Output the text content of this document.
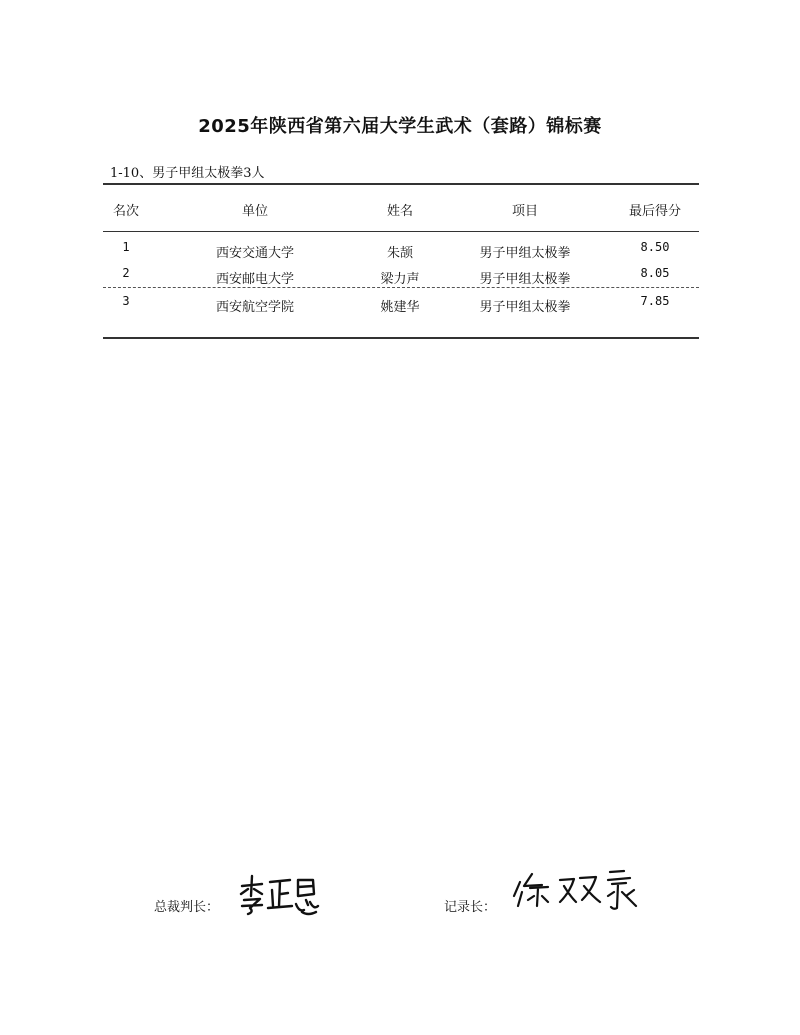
2025年陕西省第六届大学生武术（套路）锦标赛
1-10、男子甲组太极拳3人
名次	单位	姓名	项目	最后得分
1	西安交通大学	朱颉	男子甲组太极拳	8.50
2	西安邮电大学	梁力声	男子甲组太极拳	8.05
3	西安航空学院	姚建华	男子甲组太极拳	7.85
总裁判长：	记录长：
